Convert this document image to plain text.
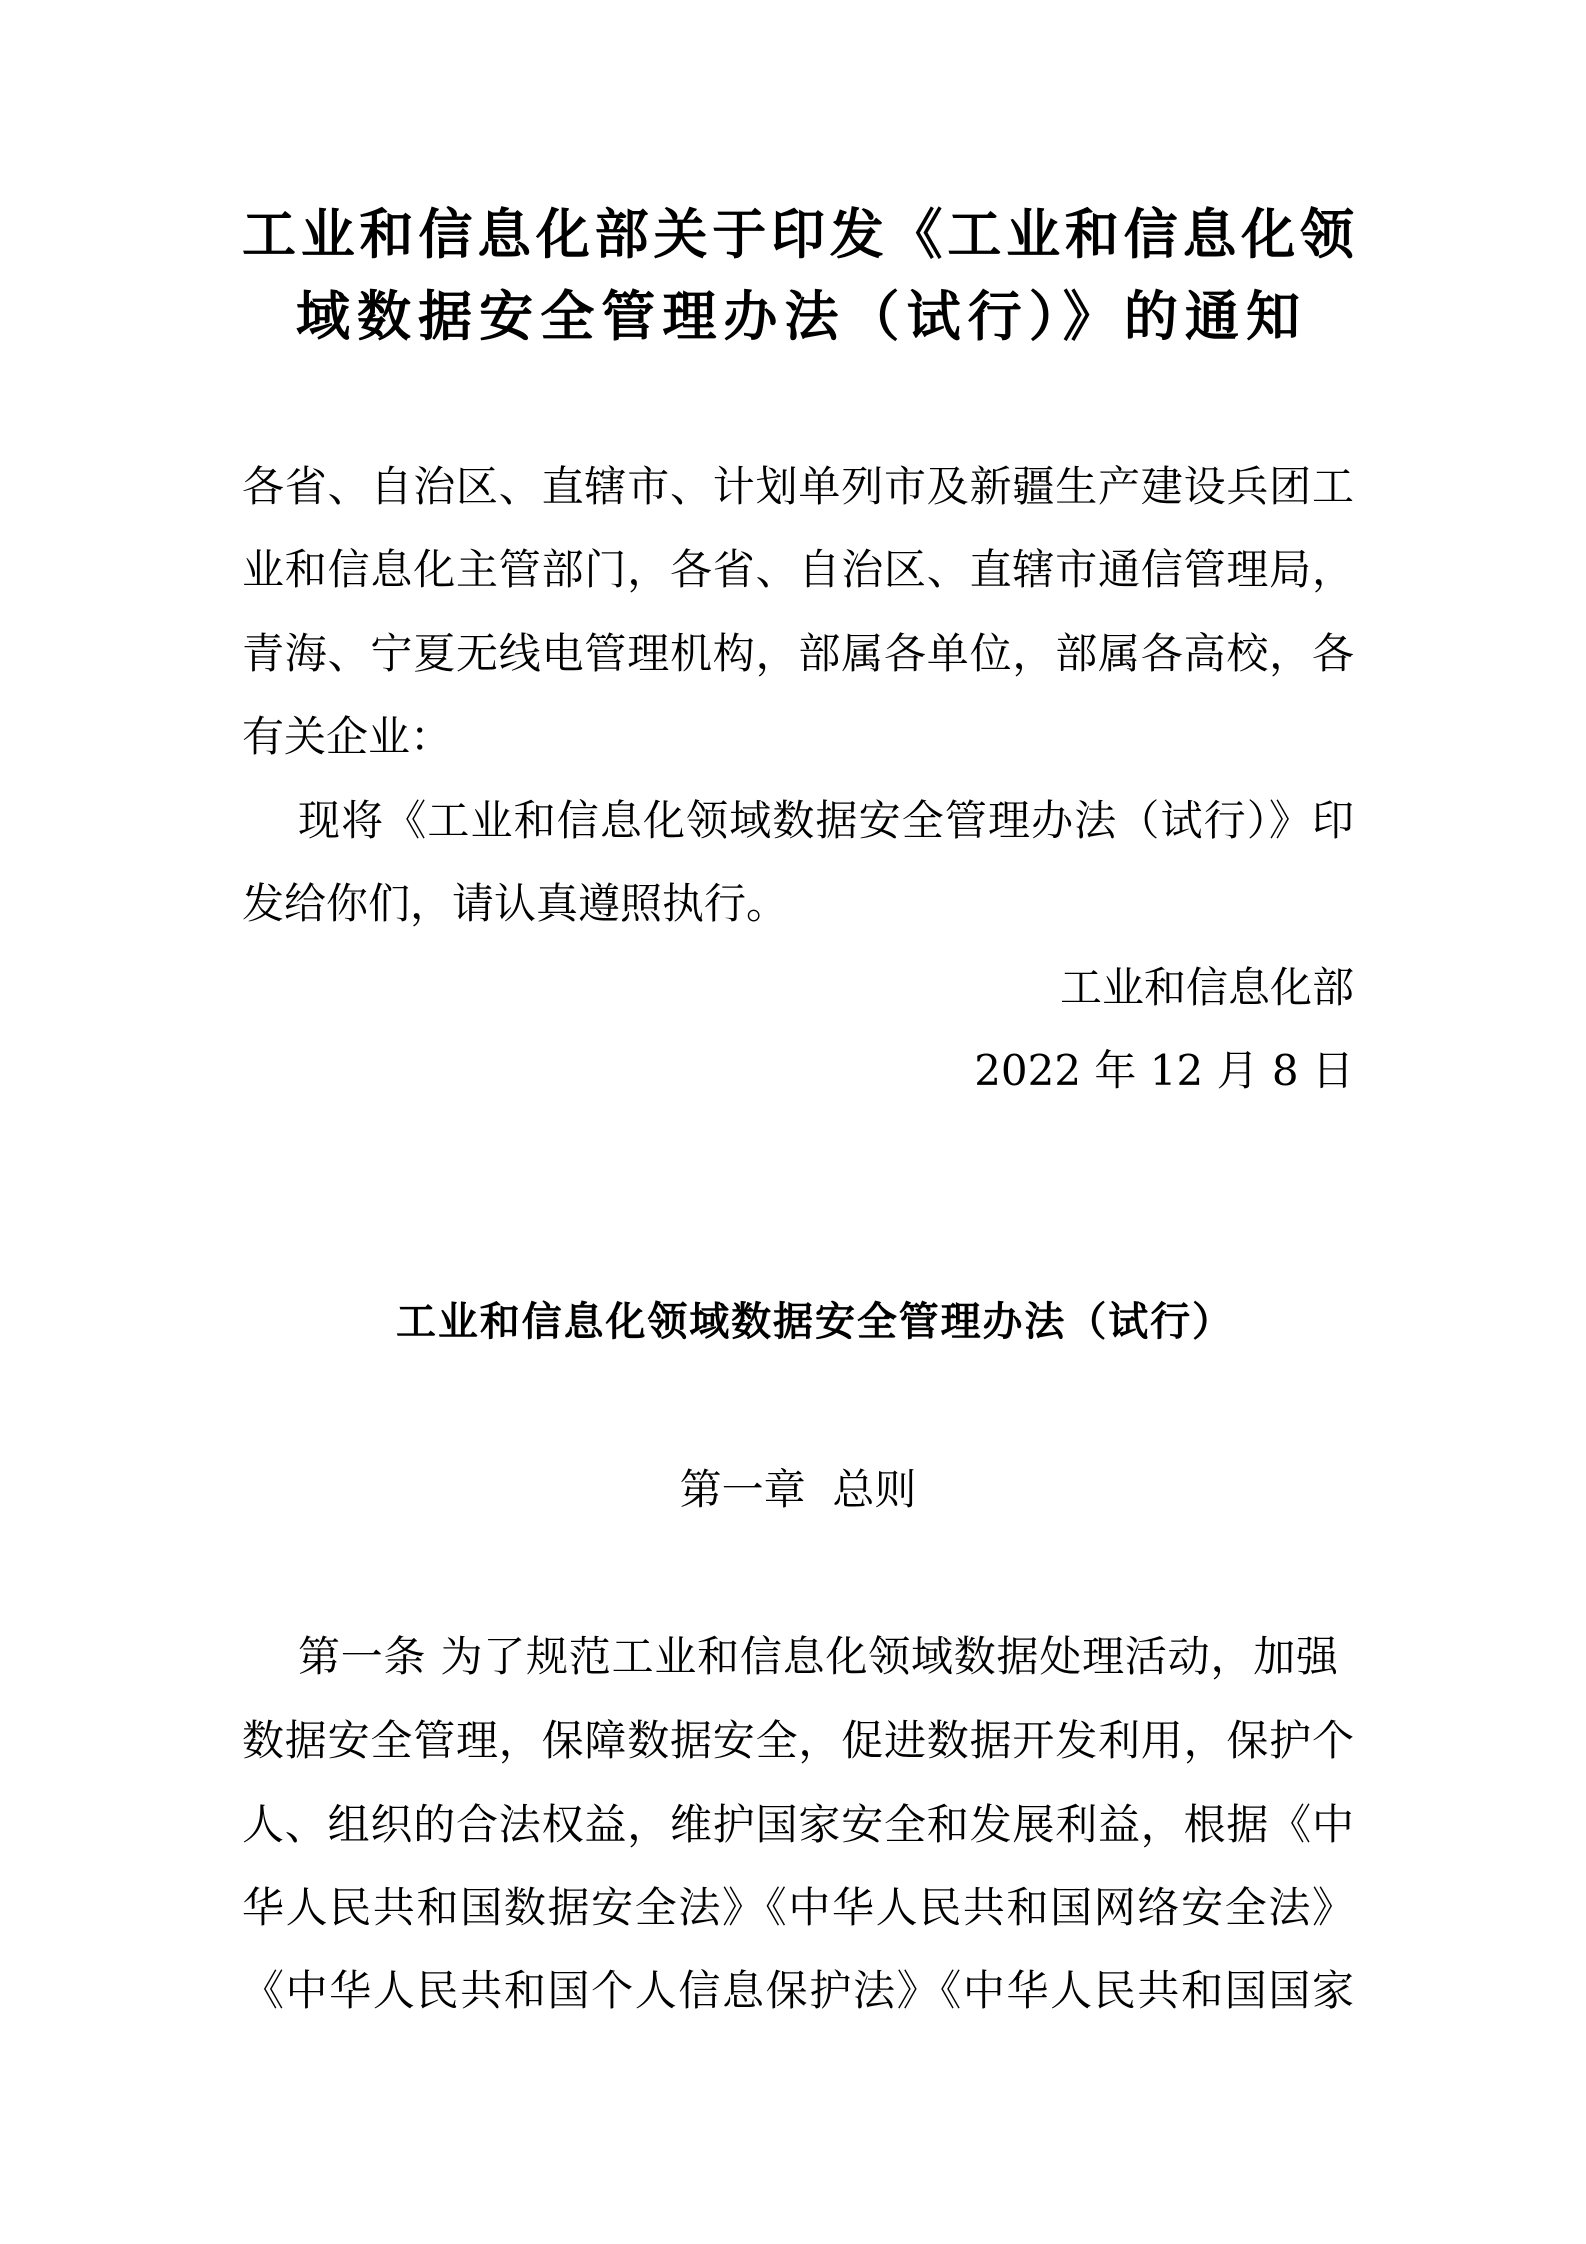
工业和信息化部关于印发《工业和信息化领
域数据安全管理办法（试行）》的通知
各省、自治区、直辖市、计划单列市及新疆生产建设兵团工
业和信息化主管部门，各省、自治区、直辖市通信管理局，
青海、宁夏无线电管理机构，部属各单位，部属各高校，各
有关企业：
现将《工业和信息化领域数据安全管理办法（试行）》印
发给你们，请认真遵照执行。
工业和信息化部
2022 年 12 月 8 日
工业和信息化领域数据安全管理办法（试行）
第一章  总则
第一条 为了规范工业和信息化领域数据处理活动，加强
数据安全管理，保障数据安全，促进数据开发利用，保护个
人、组织的合法权益，维护国家安全和发展利益，根据《中
华人民共和国数据安全法》《中华人民共和国网络安全法》
《中华人民共和国个人信息保护法》《中华人民共和国国家
